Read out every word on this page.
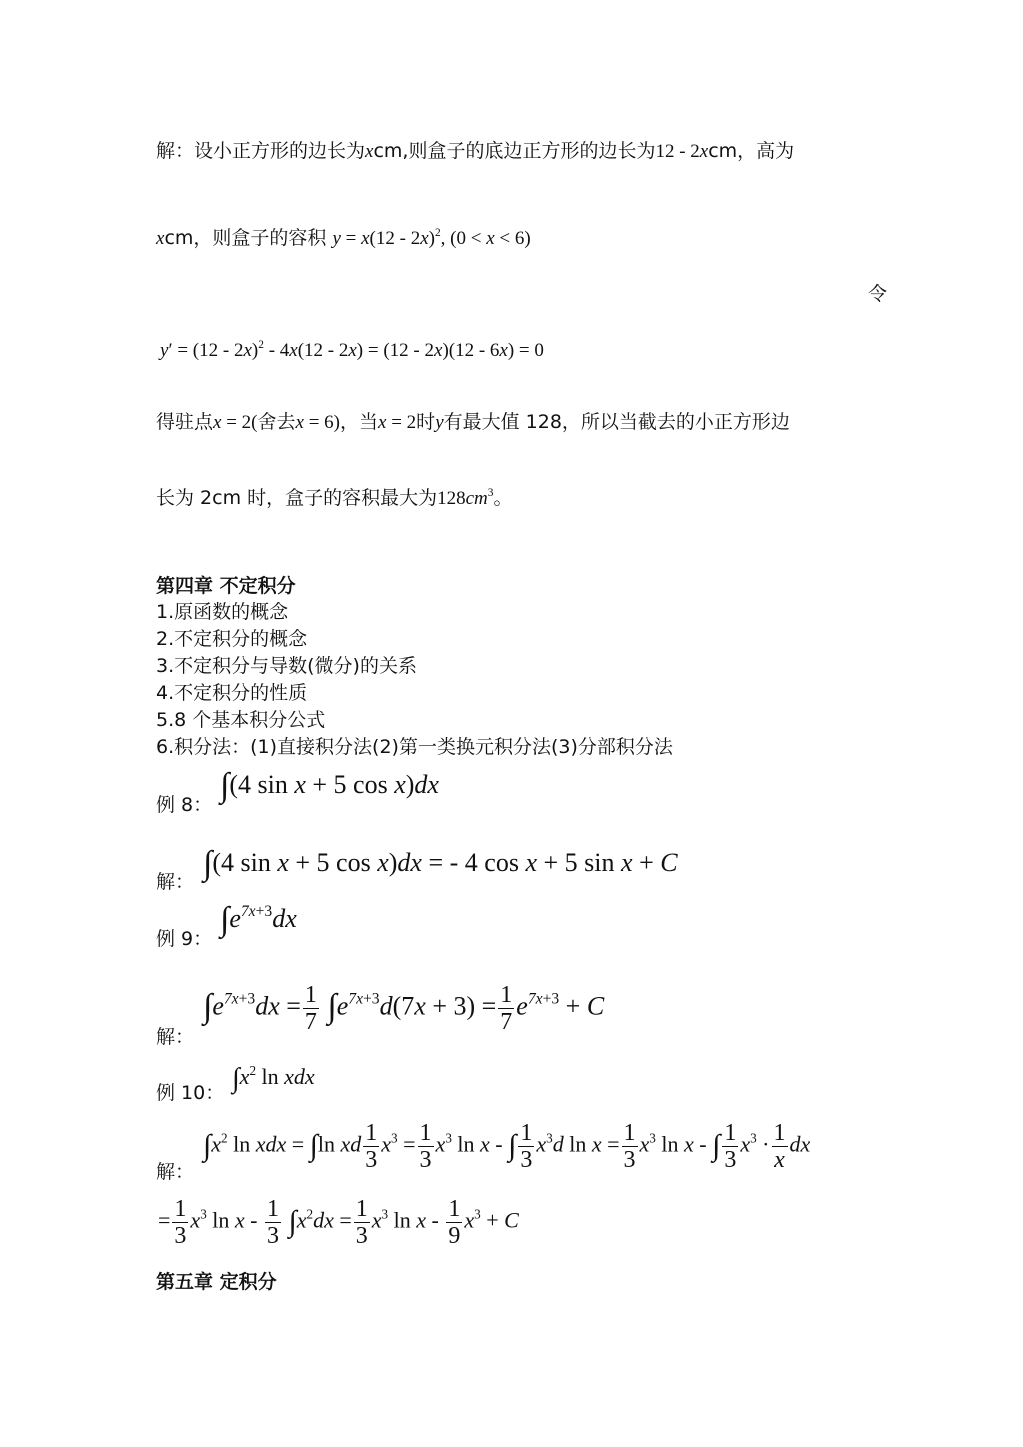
解：设小正方形的边长为xcm,则盒子的底边正方形的边长为12 - 2xcm，高为
xcm，则盒子的容积 y = x(12 - 2x)$^2$, (0 < x < 6)
令
y′ = (12 - 2x)$^2$ - 4x(12 - 2x) = (12 - 2x)(12 - 6x) = 0
得驻点x = 2(舍去x = 6)，当x = 2时y有最大值 128，所以当截去的小正方形边
长为 2cm 时，盒子的容积最大为$128cm^3$。
第四章 不定积分
1.原函数的概念
2.不定积分的概念
3.不定积分与导数(微分)的关系
4.不定积分的性质
5.8 个基本积分公式
6.积分法：(1)直接积分法(2)第一类换元积分法(3)分部积分法
例 8：
∫(4 sin x + 5 cos x)dx
解： ∫(4 sin x + 5 cos x)dx = - 4 cos x + 5 sin x + C
例 9：
$\int e^{7x+3}dx$
解：
$\int e^{7x+3}dx = \frac{1}{7} \int e^{7x+3}d(7x + 3) = \frac{1}{7} e^{7x+3} + C$
例 10： $\int x^2$ ln xdx
解：
$\int x^2$ ln xdx = ∫ln xd $\frac{1}{3} x^3 = \frac{1}{3} x^3$ ln x - ∫ $\frac{1}{3} x^3d$ $\ln x = \frac{1}{3} x^3$ ln x - ∫ $\frac{1}{3} x^3 \cdot \frac{1}{x}$ dx
= $\frac{1}{3} x^3$ $\ln x - \frac{1}{3} \int x^2dx = \frac{1}{3} x^3$ $\ln x - \frac{1}{9} x^3 + C$
第五章 定积分
